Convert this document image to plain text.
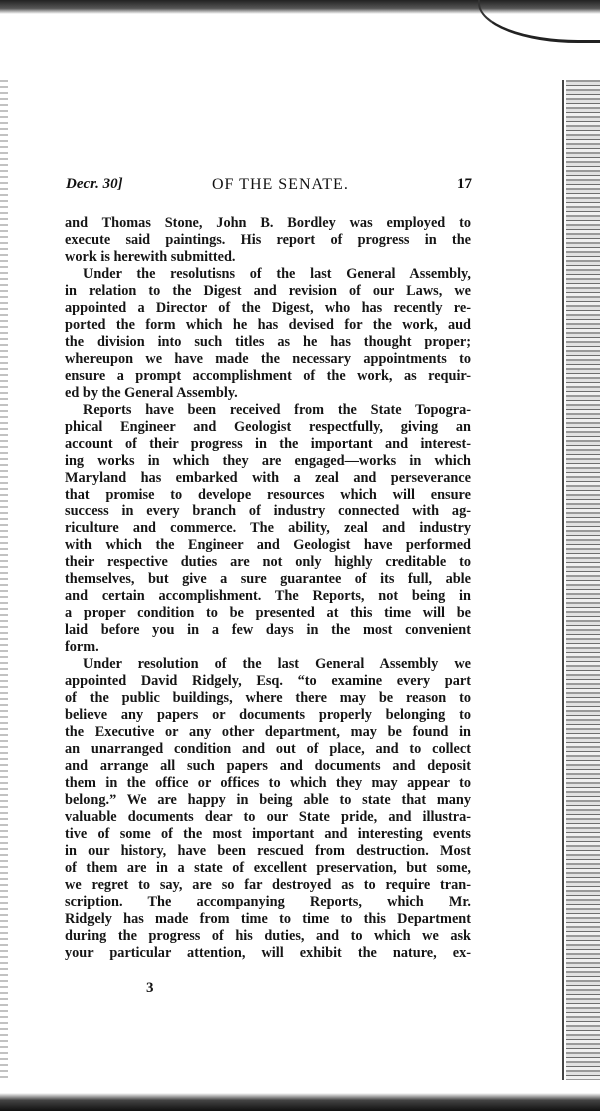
Decr. 30]	OF THE SENATE.	17
and Thomas Stone, John B. Bordley was employed to
execute said paintings. His report of progress in the
work is herewith submitted.
Under the resolutisns of the last General Assembly,
in relation to the Digest and revision of our Laws, we
appointed a Director of the Digest, who has recently re-
ported the form which he has devised for the work, aud
the division into such titles as he has thought proper;
whereupon we have made the necessary appointments to
ensure a prompt accomplishment of the work, as requir-
ed by the General Assembly.
Reports have been received from the State Topogra-
phical Engineer and Geologist respectfully, giving an
account of their progress in the important and interest-
ing works in which they are engaged—works in which
Maryland has embarked with a zeal and perseverance
that promise to develope resources which will ensure
success in every branch of industry connected with ag-
riculture and commerce. The ability, zeal and industry
with which the Engineer and Geologist have performed
their respective duties are not only highly creditable to
themselves, but give a sure guarantee of its full, able
and certain accomplishment. The Reports, not being in
a proper condition to be presented at this time will be
laid before you in a few days in the most convenient
form.
Under resolution of the last General Assembly we
appointed David Ridgely, Esq. “to examine every part
of the public buildings, where there may be reason to
believe any papers or documents properly belonging to
the Executive or any other department, may be found in
an unarranged condition and out of place, and to collect
and arrange all such papers and documents and deposit
them in the office or offices to which they may appear to
belong.” We are happy in being able to state that many
valuable documents dear to our State pride, and illustra-
tive of some of the most important and interesting events
in our history, have been rescued from destruction. Most
of them are in a state of excellent preservation, but some,
we regret to say, are so far destroyed as to require tran-
scription. The accompanying Reports, which Mr.
Ridgely has made from time to time to this Department
during the progress of his duties, and to which we ask
your particular attention, will exhibit the nature, ex-
3
